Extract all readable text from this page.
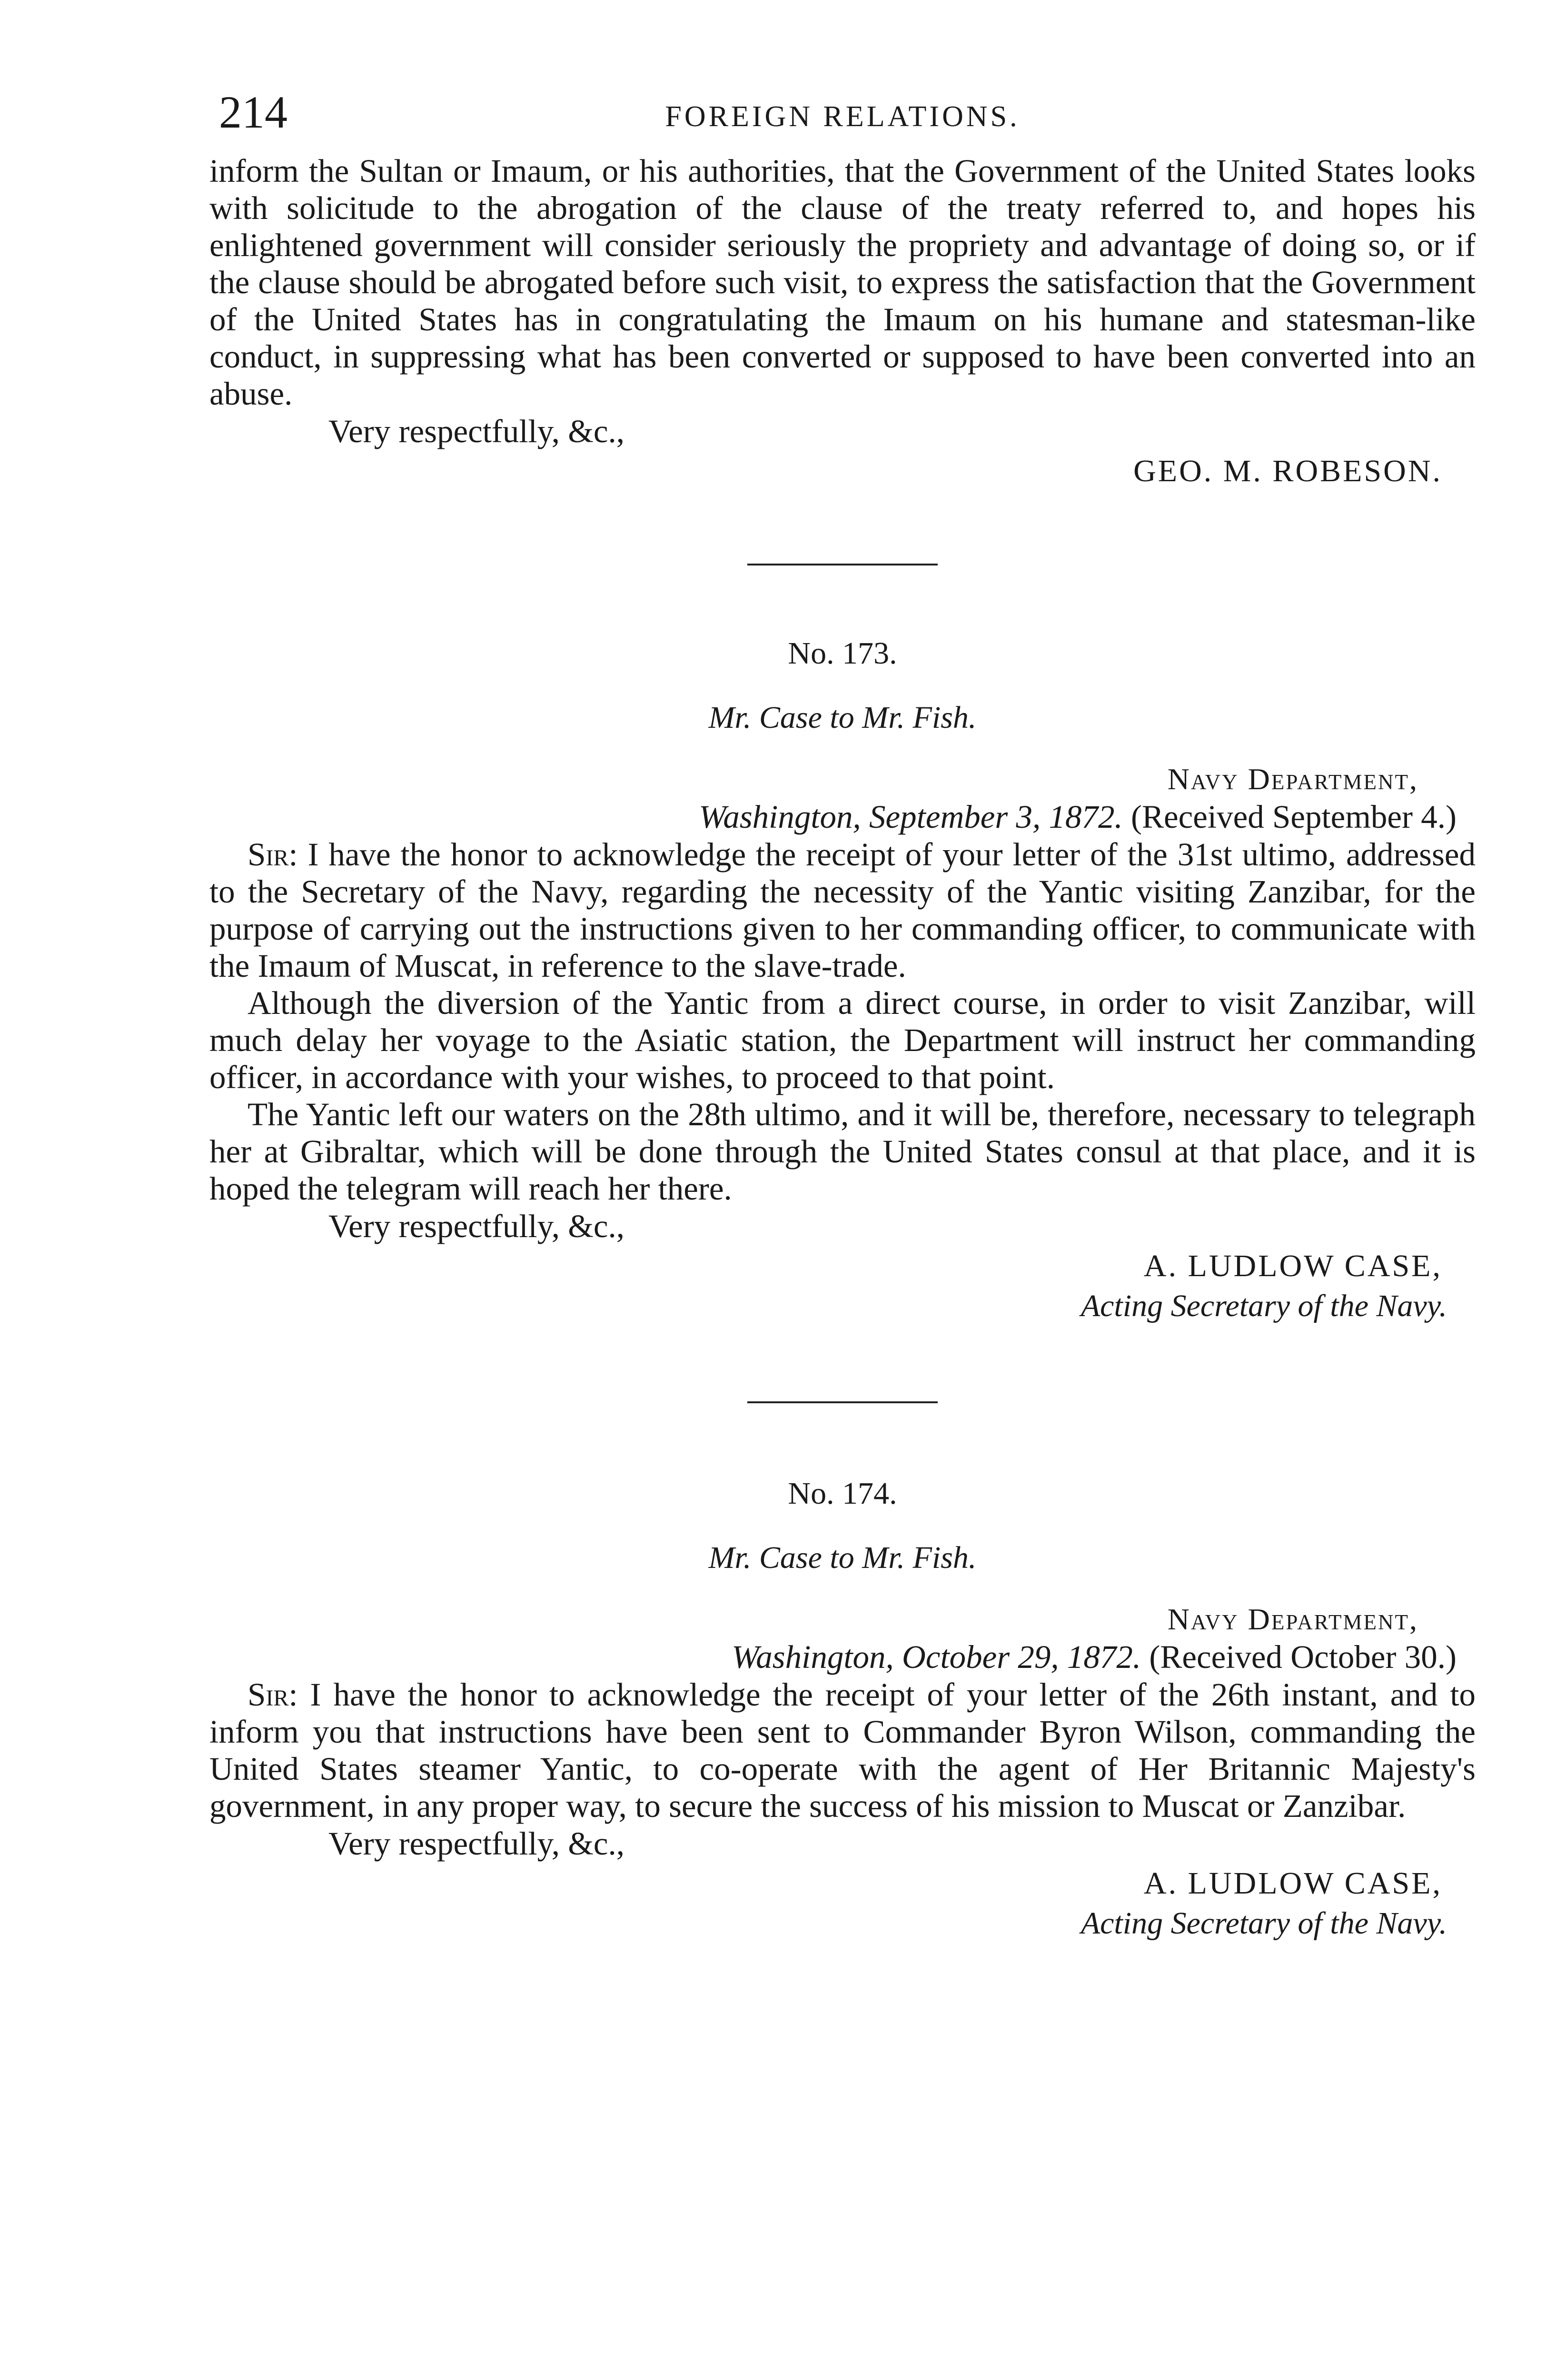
214	FOREIGN RELATIONS.

inform the Sultan or Imaum, or his authorities, that the Government of the United States looks with solicitude to the abrogation of the clause of the treaty referred to, and hopes his enlightened government will consider seriously the propriety and advantage of doing so, or if the clause should be abrogated before such visit, to express the satisfaction that the Government of the United States has in congratulating the Imaum on his humane and statesman-like conduct, in suppressing what has been converted or supposed to have been converted into an abuse.

Very respectfully, &c.,
GEO. M. ROBESON.
No. 173.
Mr. Case to Mr. Fish.
Navy Department,
Washington, September 3, 1872. (Received September 4.)

Sir: I have the honor to acknowledge the receipt of your letter of the 31st ultimo, addressed to the Secretary of the Navy, regarding the necessity of the Yantic visiting Zanzibar, for the purpose of carrying out the instructions given to her commanding officer, to communicate with the Imaum of Muscat, in reference to the slave-trade.

Although the diversion of the Yantic from a direct course, in order to visit Zanzibar, will much delay her voyage to the Asiatic station, the Department will instruct her commanding officer, in accordance with your wishes, to proceed to that point.

The Yantic left our waters on the 28th ultimo, and it will be, therefore, necessary to telegraph her at Gibraltar, which will be done through the United States consul at that place, and it is hoped the telegram will reach her there.

Very respectfully, &c.,
A. LUDLOW CASE,
Acting Secretary of the Navy.
No. 174.
Mr. Case to Mr. Fish.
Navy Department,
Washington, October 29, 1872. (Received October 30.)

Sir: I have the honor to acknowledge the receipt of your letter of the 26th instant, and to inform you that instructions have been sent to Commander Byron Wilson, commanding the United States steamer Yantic, to co-operate with the agent of Her Britannic Majesty's government, in any proper way, to secure the success of his mission to Muscat or Zanzibar.

Very respectfully, &c.,
A. LUDLOW CASE,
Acting Secretary of the Navy.
